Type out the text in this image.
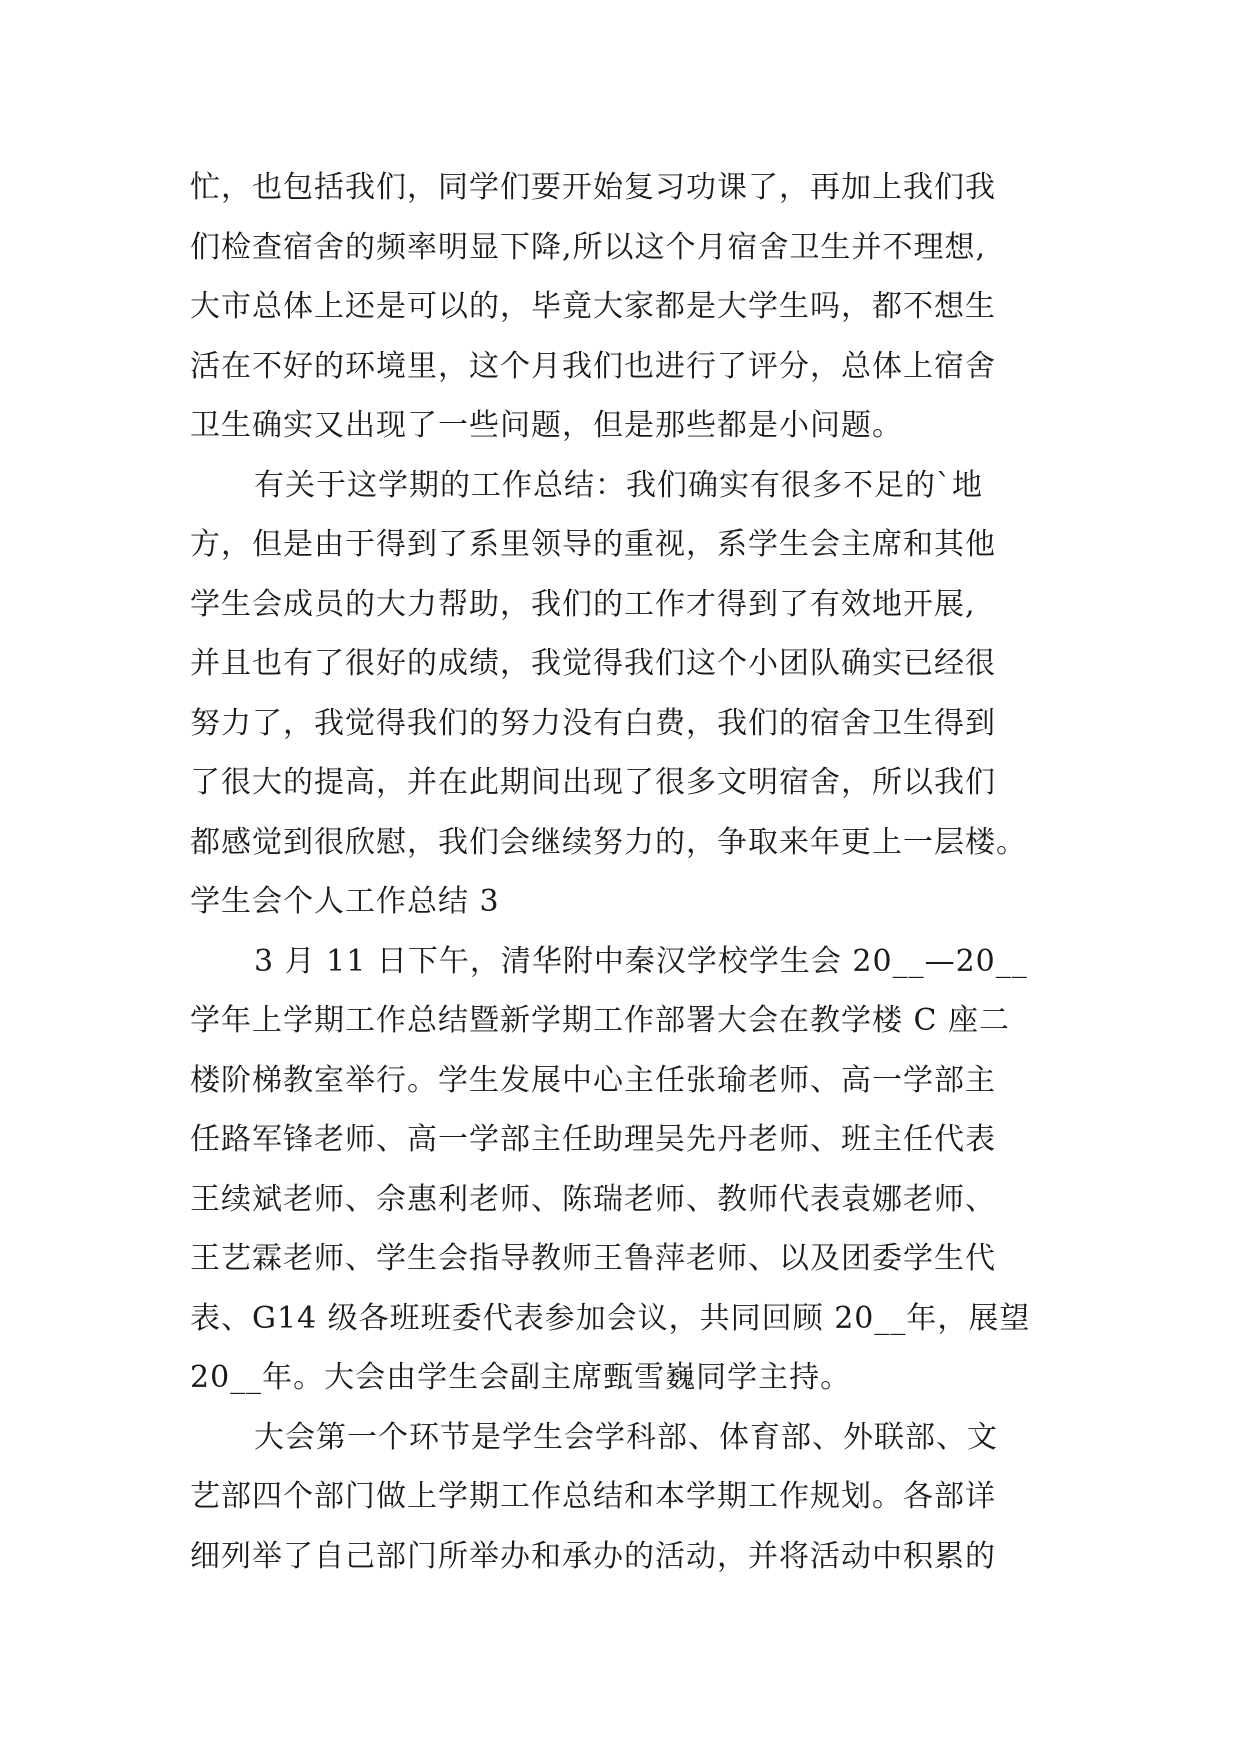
忙，也包括我们，同学们要开始复习功课了，再加上我们我
们检查宿舍的频率明显下降,所以这个月宿舍卫生并不理想,
大市总体上还是可以的，毕竟大家都是大学生吗，都不想生
活在不好的环境里，这个月我们也进行了评分，总体上宿舍
卫生确实又出现了一些问题，但是那些都是小问题。
有关于这学期的工作总结：我们确实有很多不足的`地
方，但是由于得到了系里领导的重视，系学生会主席和其他
学生会成员的大力帮助，我们的工作才得到了有效地开展,
并且也有了很好的成绩，我觉得我们这个小团队确实已经很
努力了，我觉得我们的努力没有白费，我们的宿舍卫生得到
了很大的提高，并在此期间出现了很多文明宿舍，所以我们
都感觉到很欣慰，我们会继续努力的，争取来年更上一层楼。
学生会个人工作总结 3
3 月 11 日下午，清华附中秦汉学校学生会 20__—20__
学年上学期工作总结暨新学期工作部署大会在教学楼 C 座二
楼阶梯教室举行。学生发展中心主任张瑜老师、高一学部主
任路军锋老师、高一学部主任助理吴先丹老师、班主任代表
王续斌老师、佘惠利老师、陈瑞老师、教师代表袁娜老师、
王艺霖老师、学生会指导教师王鲁萍老师、以及团委学生代
表、G14 级各班班委代表参加会议，共同回顾 20__年，展望
20__年。大会由学生会副主席甄雪巍同学主持。
大会第一个环节是学生会学科部、体育部、外联部、文
艺部四个部门做上学期工作总结和本学期工作规划。各部详
细列举了自己部门所举办和承办的活动，并将活动中积累的
